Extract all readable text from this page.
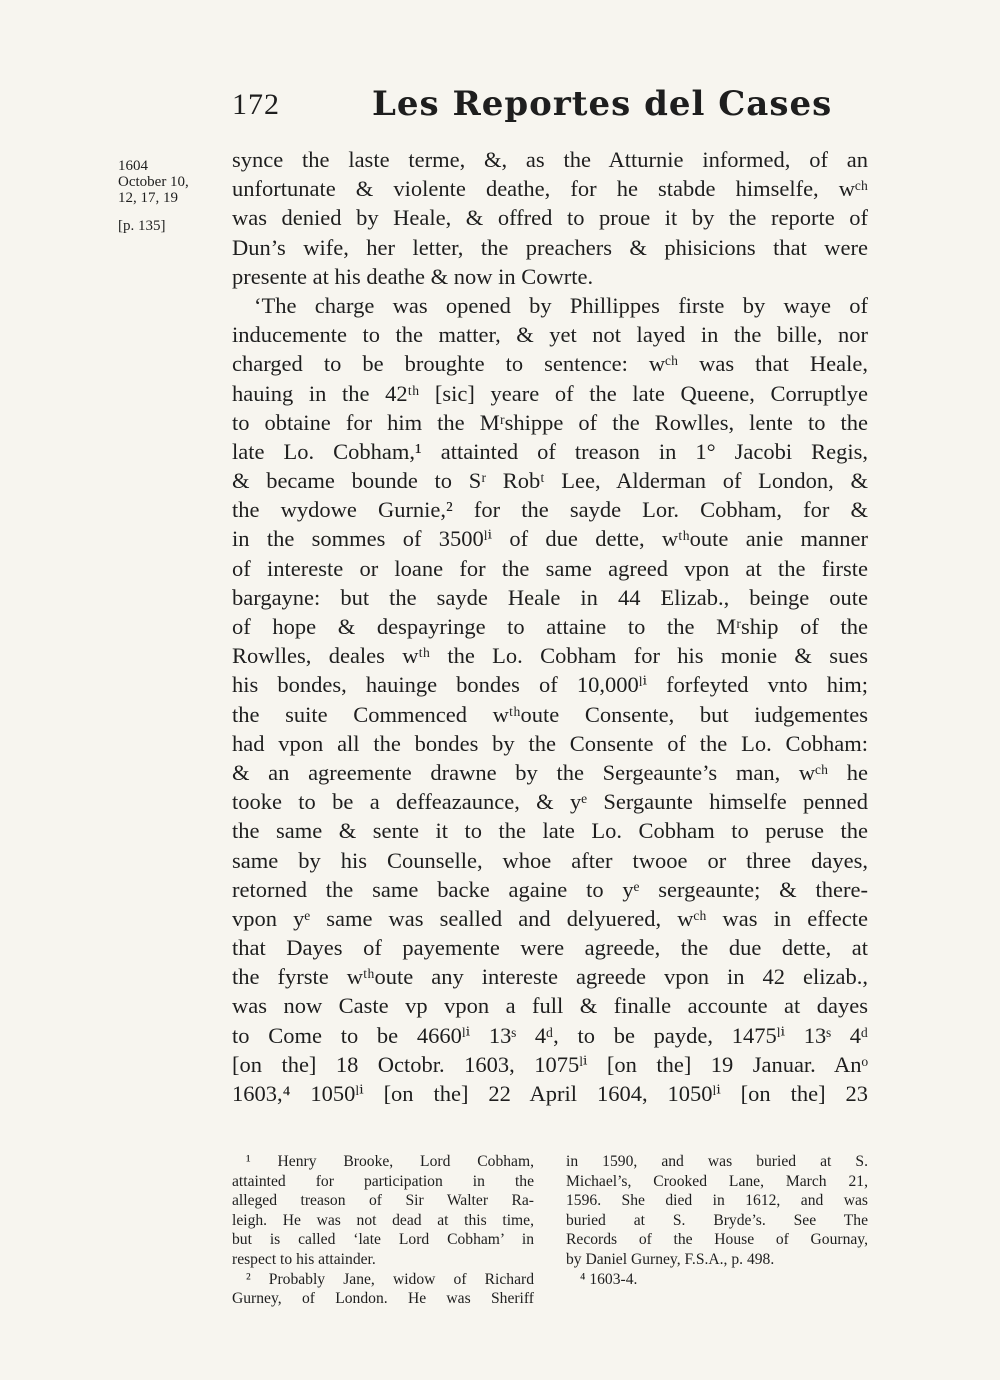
172	Les Reportes del Cases
1604
October 10,
12, 17, 19
[p. 135]
synce the laste terme, &, as the Atturnie informed, of an
unfortunate & violente deathe, for he stabde himselfe, wᶜʰ
was denied by Heale, & offred to proue it by the reporte of
Dun’s wife, her letter, the preachers & phisicions that were
presente at his deathe & now in Cowrte.
‘The charge was opened by Phillippes firste by waye of
inducemente to the matter, & yet not layed in the bille, nor
charged to be broughte to sentence: wᶜʰ was that Heale,
hauing in the 42ᵗʰ [sic] yeare of the late Queene, Corruptlye
to obtaine for him the Mʳshippe of the Rowlles, lente to the
late Lo. Cobham,¹ attainted of treason in 1° Jacobi Regis,
& became bounde to Sʳ Robᵗ Lee, Alderman of London, &
the wydowe Gurnie,² for the sayde Lor. Cobham, for &
in the sommes of 3500ˡⁱ of due dette, wᵗʰoute anie manner
of intereste or loane for the same agreed vpon at the firste
bargayne: but the sayde Heale in 44 Elizab., beinge oute
of hope & despayringe to attaine to the Mʳship of the
Rowlles, deales wᵗʰ the Lo. Cobham for his monie & sues
his bondes, hauinge bondes of 10,000ˡⁱ forfeyted vnto him;
the suite Commenced wᵗʰoute Consente, but iudgementes
had vpon all the bondes by the Consente of the Lo. Cobham:
& an agreemente drawne by the Sergeaunte’s man, wᶜʰ he
tooke to be a deffeazaunce, & yᵉ Sergaunte himselfe penned
the same & sente it to the late Lo. Cobham to peruse the
same by his Counselle, whoe after twooe or three dayes,
retorned the same backe againe to yᵉ sergeaunte; & there-
vpon yᵉ same was sealled and delyuered, wᶜʰ was in effecte
that Dayes of payemente were agreede, the due dette, at
the fyrste wᵗʰoute any intereste agreede vpon in 42 elizab.,
was now Caste vp vpon a full & finalle accounte at dayes
to Come to be 4660ˡⁱ 13ˢ 4ᵈ, to be payde, 1475ˡⁱ 13ˢ 4ᵈ
[on the] 18 Octobr. 1603, 1075ˡⁱ [on the] 19 Januar. Anᵒ
1603,⁴ 1050ˡⁱ [on the] 22 April 1604, 1050ˡⁱ [on the] 23
¹ Henry Brooke, Lord Cobham,
attainted for participation in the
alleged treason of Sir Walter Ra-
leigh. He was not dead at this time,
but is called ‘late Lord Cobham’ in
respect to his attainder.
² Probably Jane, widow of Richard
Gurney, of London. He was Sheriff
in 1590, and was buried at S.
Michael’s, Crooked Lane, March 21,
1596. She died in 1612, and was
buried at S. Bryde’s. See The
Records of the House of Gournay,
by Daniel Gurney, F.S.A., p. 498.
⁴ 1603-4.
